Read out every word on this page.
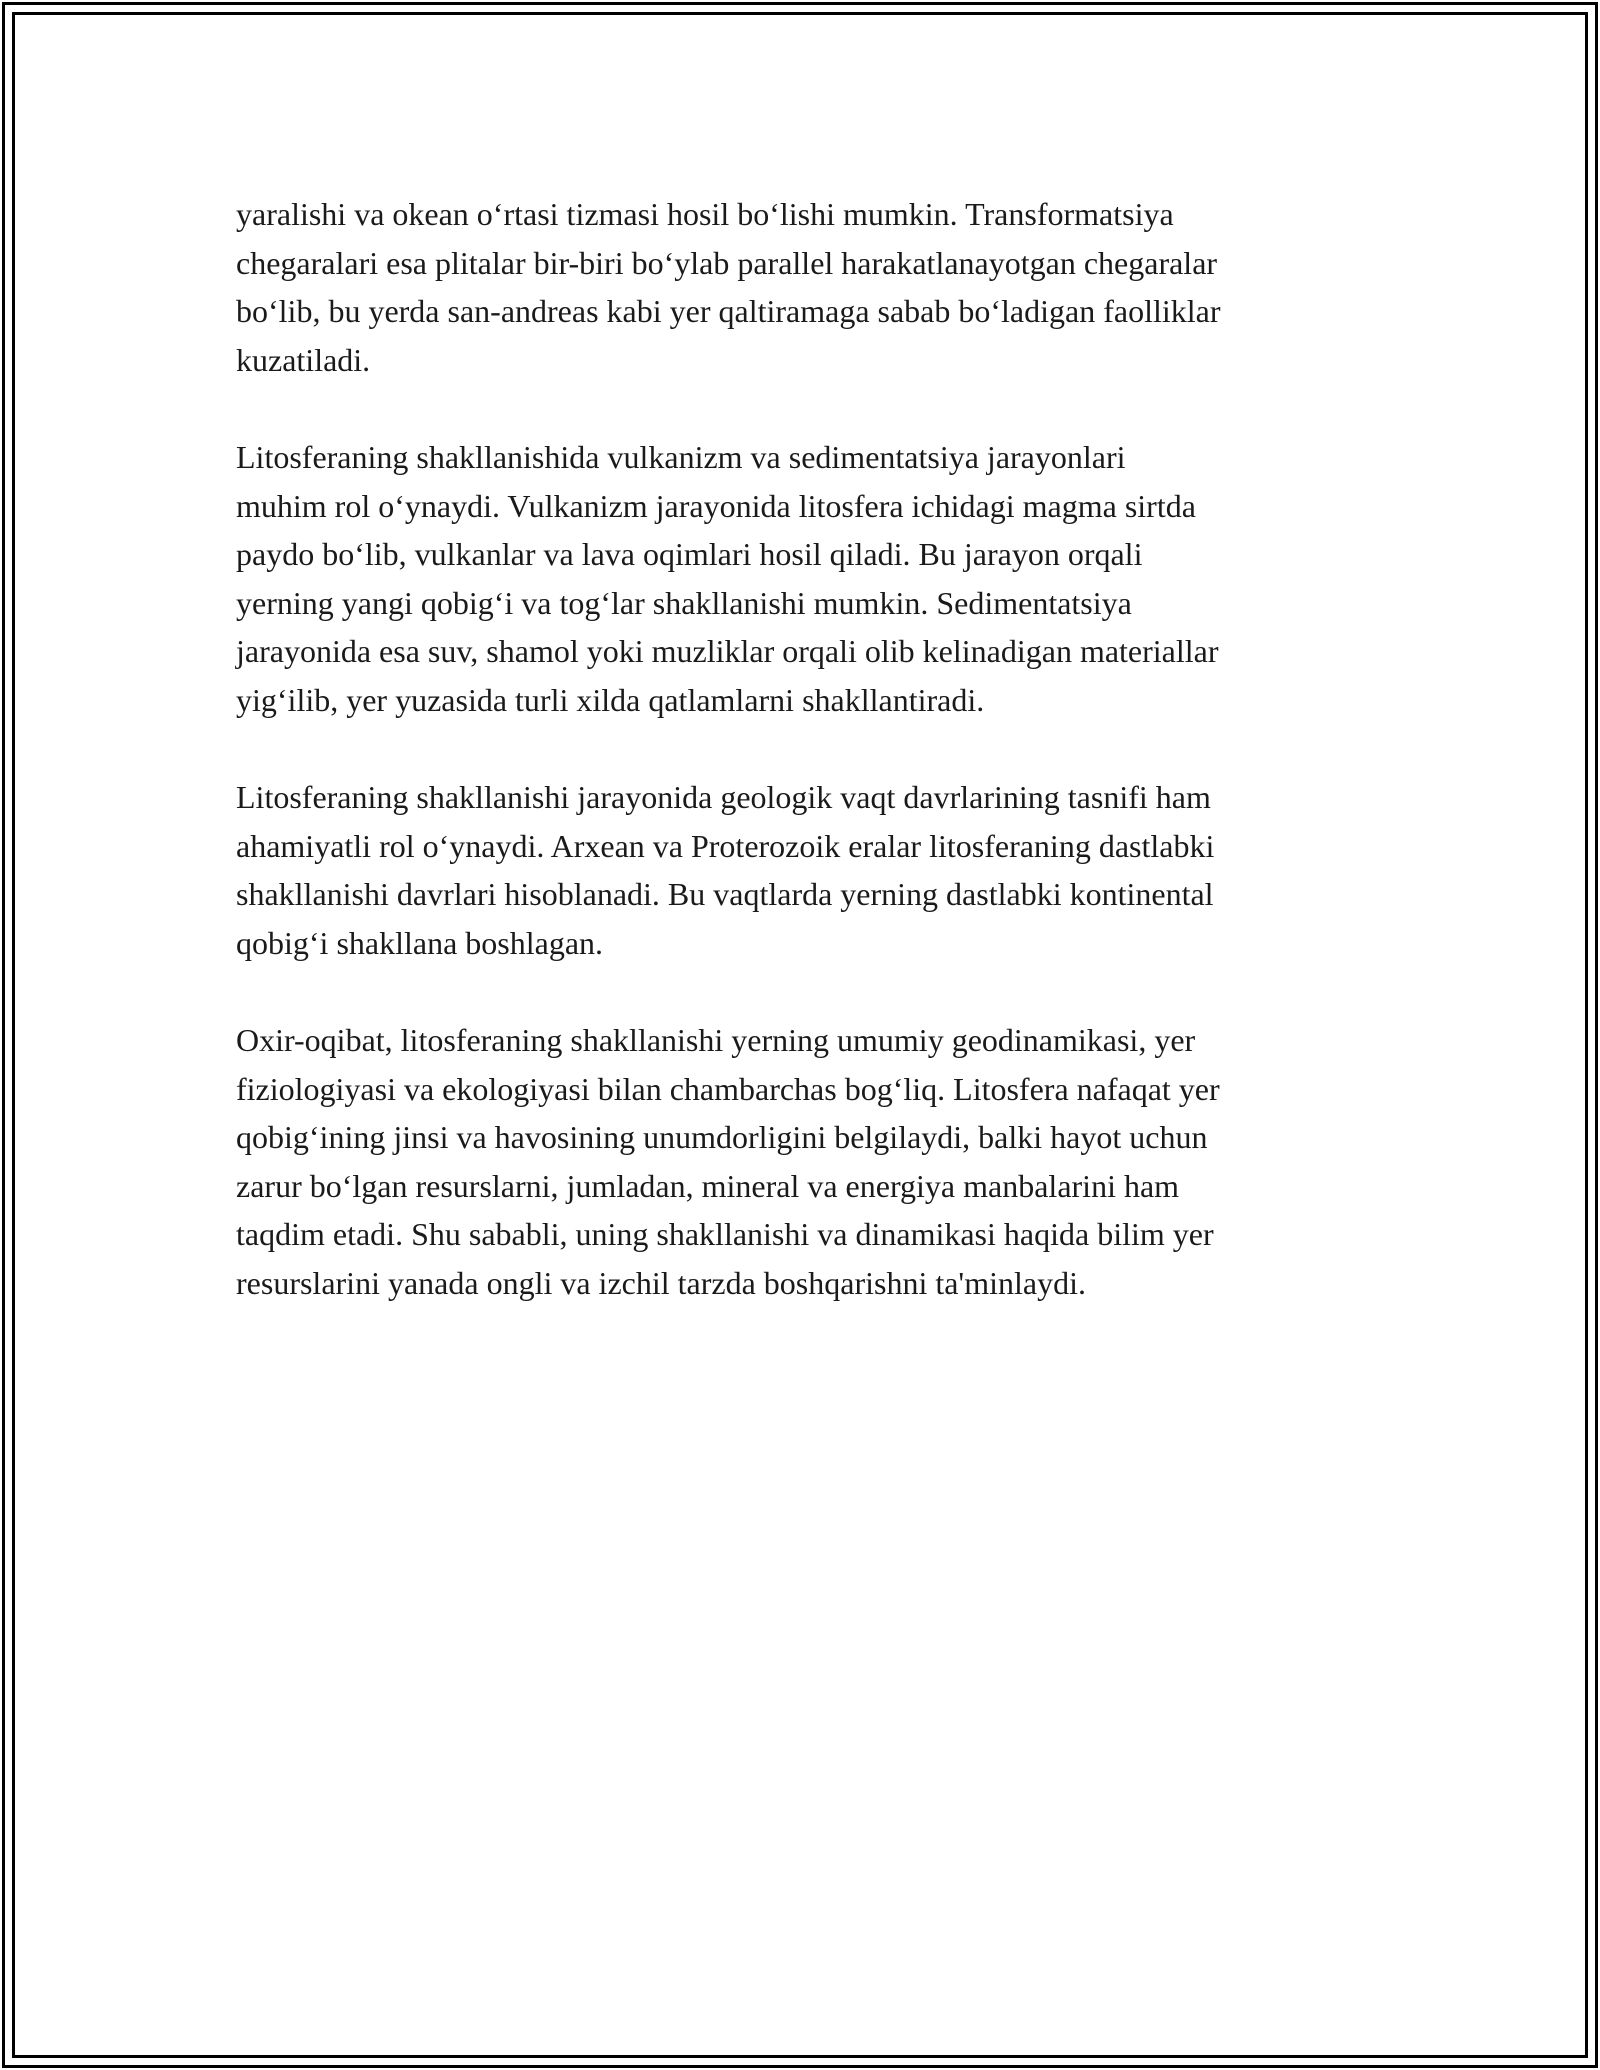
yaralishi va okean oʻrtasi tizmasi hosil boʻlishi mumkin. Transformatsiya
chegaralari esa plitalar bir-biri boʻylab parallel harakatlanayotgan chegaralar
boʻlib, bu yerda san-andreas kabi yer qaltiramaga sabab boʻladigan faolliklar
kuzatiladi.

Litosferaning shakllanishida vulkanizm va sedimentatsiya jarayonlari
muhim rol oʻynaydi. Vulkanizm jarayonida litosfera ichidagi magma sirtda
paydo boʻlib, vulkanlar va lava oqimlari hosil qiladi. Bu jarayon orqali
yerning yangi qobigʻi va togʻlar shakllanishi mumkin. Sedimentatsiya
jarayonida esa suv, shamol yoki muzliklar orqali olib kelinadigan materiallar
yigʻilib, yer yuzasida turli xilda qatlamlarni shakllantiradi.

Litosferaning shakllanishi jarayonida geologik vaqt davrlarining tasnifi ham
ahamiyatli rol oʻynaydi. Arxean va Proterozoik eralar litosferaning dastlabki
shakllanishi davrlari hisoblanadi. Bu vaqtlarda yerning dastlabki kontinental
qobigʻi shakllana boshlagan.

Oxir-oqibat, litosferaning shakllanishi yerning umumiy geodinamikasi, yer
fiziologiyasi va ekologiyasi bilan chambarchas bogʻliq. Litosfera nafaqat yer
qobigʻining jinsi va havosining unumdorligini belgilaydi, balki hayot uchun
zarur boʻlgan resurslarni, jumladan, mineral va energiya manbalarini ham
taqdim etadi. Shu sababli, uning shakllanishi va dinamikasi haqida bilim yer
resurslarini yanada ongli va izchil tarzda boshqarishni ta'minlaydi.
